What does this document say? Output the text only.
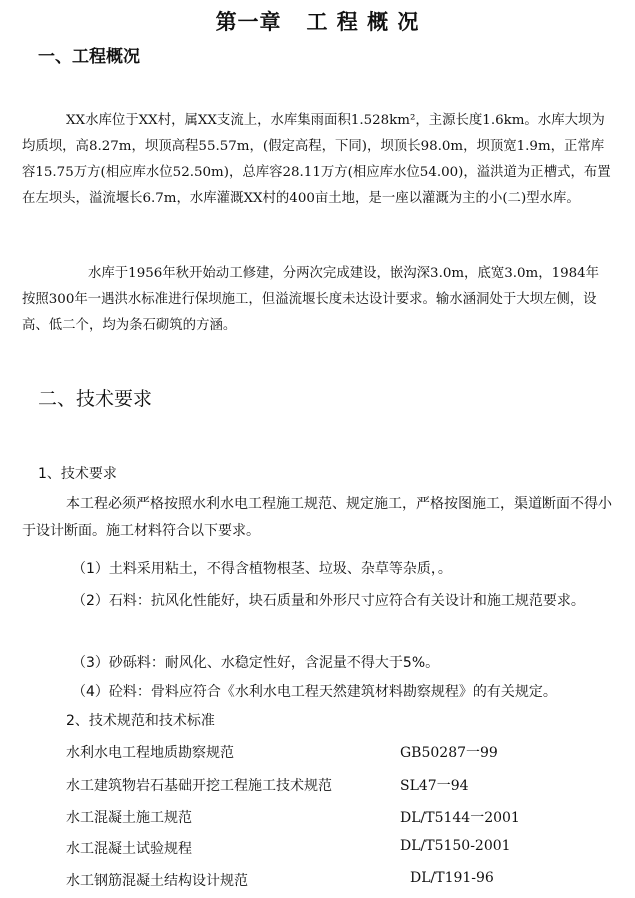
第一章   工 程 概 况
一、工程概况

XX水库位于XX村，属XX支流上，水库集雨面积1.528km²，主源长度1.6km。水库大坝为均质坝，高8.27m，坝顶高程55.57m，(假定高程，下同)，坝顶长98.0m，坝顶宽1.9m，正常库容15.75万方(相应库水位52.50m)，总库容28.11万方(相应库水位54.00)，溢洪道为正槽式，布置在左坝头，溢流堰长6.7m，水库灌溉XX村的400亩土地，是一座以灌溉为主的小(二)型水库。

水库于1956年秋开始动工修建，分两次完成建设，嵌沟深3.0m，底宽3.0m，1984年按照300年一遇洪水标准进行保坝施工，但溢流堰长度未达设计要求。输水涵洞处于大坝左侧，设高、低二个，均为条石砌筑的方涵。

二、技术要求

1、技术要求

本工程必须严格按照水利水电工程施工规范、规定施工，严格按图施工，渠道断面不得小于设计断面。施工材料符合以下要求。

（1）土料采用粘土，不得含植物根茎、垃圾、杂草等杂质，。

（2）石料：抗风化性能好，块石质量和外形尺寸应符合有关设计和施工规范要求。

（3）砂砾料：耐风化、水稳定性好，含泥量不得大于5%。

（4）砼料：骨料应符合《水利水电工程天然建筑材料勘察规程》的有关规定。

2、技术规范和技术标准

水利水电工程地质勘察规范	GB50287一99
水工建筑物岩石基础开挖工程施工技术规范	SL47一94
水工混凝土施工规范	DL/T5144一2001
水工混凝土试验规程	DL/T5150-2001
水工钢筋混凝土结构设计规范	DL/T191-96
